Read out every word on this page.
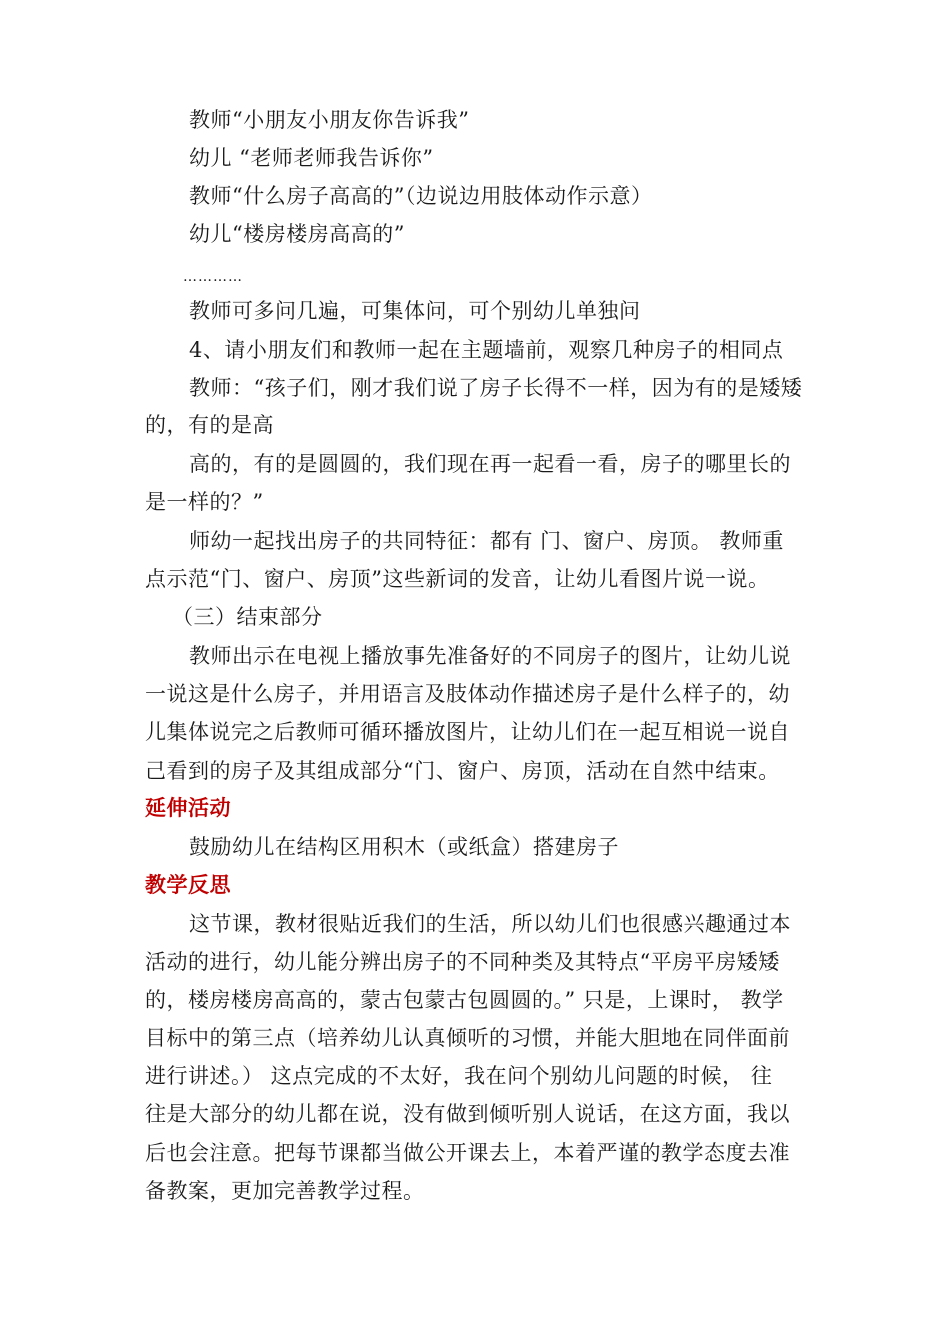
教师“小朋友小朋友你告诉我”
幼儿 “老师老师我告诉你”
教师“什么房子高高的”（边说边用肢体动作示意）
幼儿“楼房楼房高高的”
…………
教师可多问几遍，可集体问，可个别幼儿单独问
4、请小朋友们和教师一起在主题墙前，观察几种房子的相同点
教师：“孩子们，刚才我们说了房子长得不一样，因为有的是矮矮
的，有的是高
高的，有的是圆圆的，我们现在再一起看一看，房子的哪里长的
是一样的？”
师幼一起找出房子的共同特征：都有 门、窗户、房顶。 教师重
点示范“门、窗户、房顶”这些新词的发音，让幼儿看图片说一说。
（三）结束部分
教师出示在电视上播放事先准备好的不同房子的图片，让幼儿说
一说这是什么房子，并用语言及肢体动作描述房子是什么样子的，幼
儿集体说完之后教师可循环播放图片，让幼儿们在一起互相说一说自
己看到的房子及其组成部分“门、窗户、房顶，活动在自然中结束。
延伸活动
鼓励幼儿在结构区用积木（或纸盒）搭建房子
教学反思
这节课，教材很贴近我们的生活，所以幼儿们也很感兴趣通过本
活动的进行，幼儿能分辨出房子的不同种类及其特点“平房平房矮矮
的，楼房楼房高高的，蒙古包蒙古包圆圆的。” 只是，上课时， 教学
目标中的第三点（培养幼儿认真倾听的习惯，并能大胆地在同伴面前
进行讲述。） 这点完成的不太好，我在问个别幼儿问题的时候， 往
往是大部分的幼儿都在说，没有做到倾听别人说话，在这方面，我以
后也会注意。把每节课都当做公开课去上，本着严谨的教学态度去准
备教案，更加完善教学过程。
